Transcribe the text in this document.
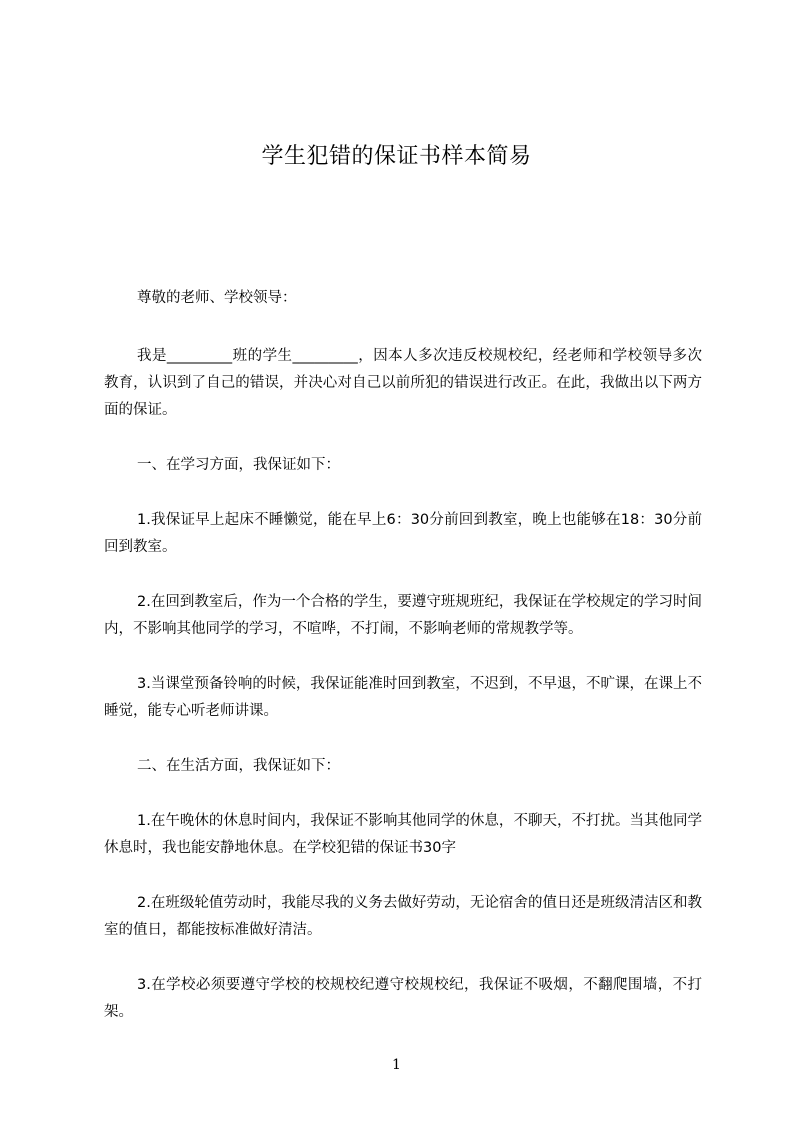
学生犯错的保证书样本简易

尊敬的老师、学校领导：

我是_________班的学生_________，因本人多次违反校规校纪，经老师和学校领导多次教育，认识到了自己的错误，并决心对自己以前所犯的错误进行改正。在此，我做出以下两方面的保证。

一、在学习方面，我保证如下：

1.我保证早上起床不睡懒觉，能在早上6：30分前回到教室，晚上也能够在18：30分前回到教室。

2.在回到教室后，作为一个合格的学生，要遵守班规班纪，我保证在学校规定的学习时间内，不影响其他同学的学习，不喧哗，不打闹，不影响老师的常规教学等。

3.当课堂预备铃响的时候，我保证能准时回到教室，不迟到，不早退，不旷课，在课上不睡觉，能专心听老师讲课。

二、在生活方面，我保证如下：

1.在午晚休的休息时间内，我保证不影响其他同学的休息，不聊天，不打扰。当其他同学休息时，我也能安静地休息。在学校犯错的保证书30字

2.在班级轮值劳动时，我能尽我的义务去做好劳动，无论宿舍的值日还是班级清洁区和教室的值日，都能按标准做好清洁。

3.在学校必须要遵守学校的校规校纪遵守校规校纪，我保证不吸烟，不翻爬围墙，不打架。

1
